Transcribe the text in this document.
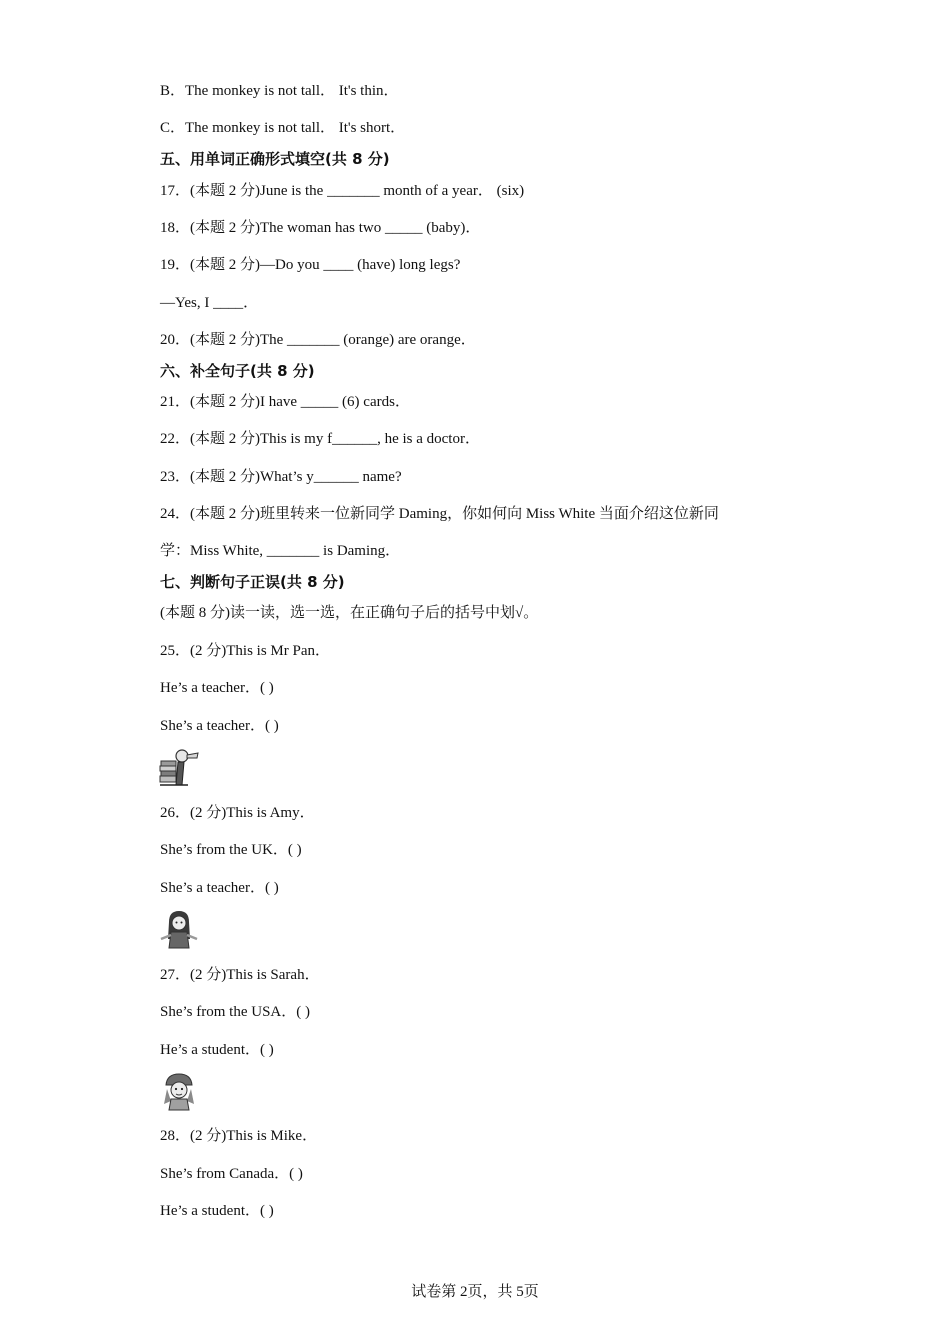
B．The monkey is not tall． It's thin．
C．The monkey is not tall． It's short．
五、用单词正确形式填空(共 8 分)
17．(本题 2 分)June is the _______ month of a year． (six)
18．(本题 2 分)The woman has two _____ (baby)．
19．(本题 2 分)—Do you ____ (have) long legs?
—Yes, I ____．
20．(本题 2 分)The _______ (orange) are orange．
六、补全句子(共 8 分)
21．(本题 2 分)I have _____ (6) cards．
22．(本题 2 分)This is my f______, he is a doctor．
23．(本题 2 分)What’s y______ name?
24．(本题 2 分)班里转来一位新同学 Daming，你如何向 Miss White 当面介绍这位新同
学：Miss White, _______ is Daming．
七、判断句子正误(共 8 分)
(本题 8 分)读一读，选一选，在正确句子后的括号中划√。
25．(2 分)This is Mr Pan．
He’s a teacher．( )
She’s a teacher．( )
26．(2 分)This is Amy．
She’s from the UK．( )
She’s a teacher．( )
27．(2 分)This is Sarah．
She’s from the USA．( )
He’s a student．( )
28．(2 分)This is Mike．
She’s from Canada．( )
He’s a student．( )
试卷第 2页，共 5页
